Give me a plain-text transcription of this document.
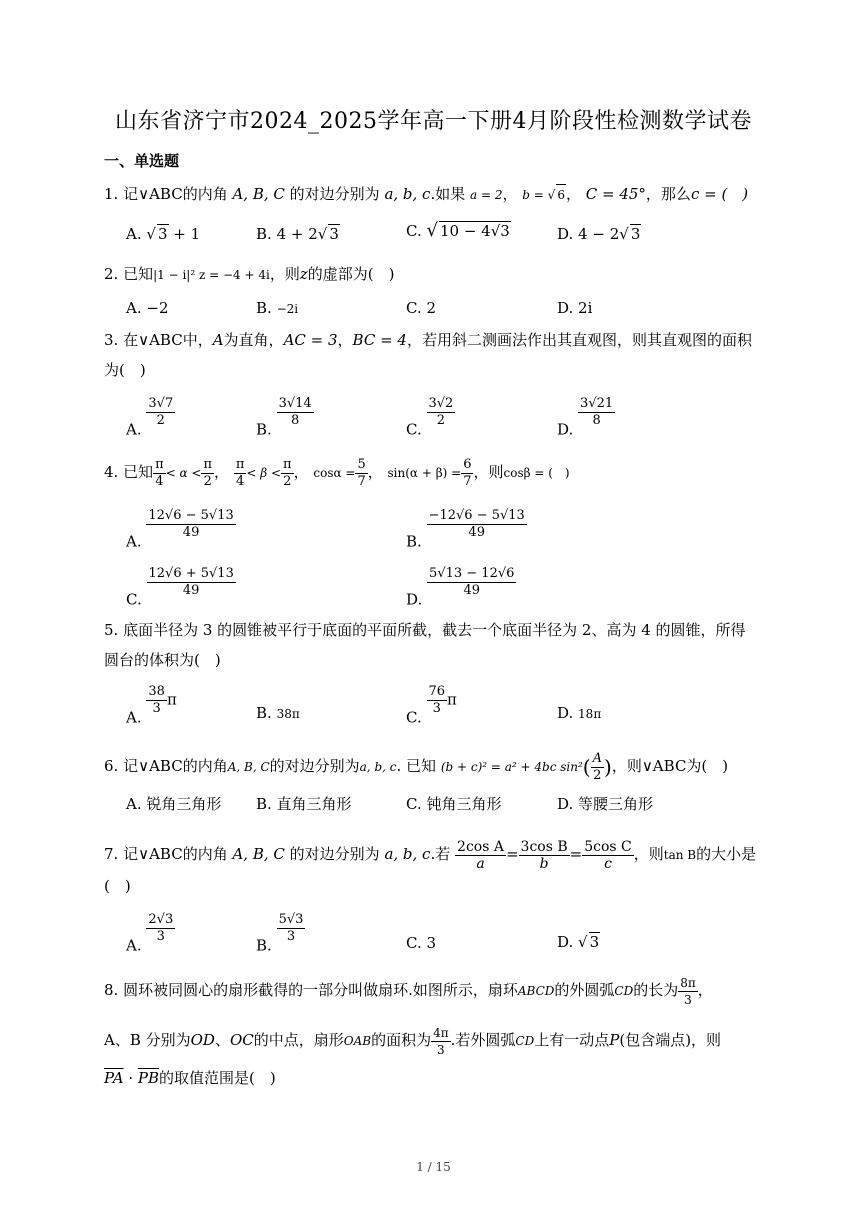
山东省济宁市2024_2025学年高一下册4月阶段性检测数学试卷
一、单选题
1. 记∨ABC的内角 A, B, C 的对边分别为 a, b, c.如果 a = 2， b = √ 6， C = 45°，那么c = (　)
A. √ 3 + 1	B. 4 + 2√ 3	C. √ 10 − 4√3	D. 4 − 2√ 3
2. 已知|1 − i|² z = −4 + 4i，则z的虚部为(　)
A. −2	B. −2i	C. 2	D. 2i
3. 在∨ABC中，A为直角，AC = 3，BC = 4，若用斜二测画法作出其直观图，则其直观图的面积
为(　)
A.
$\frac{3√7}{2}$
B.
$\frac{3√14}{8}$
C.
$\frac{3√2}{2}$
D.
$\frac{3√21}{8}$
4. 已知 $\frac{\pi}{4} < \alpha < \frac{\pi}{2}$ ， $\frac{\pi}{4} < \beta < \frac{\pi}{2}$ ， $\cos\alpha = \frac{5}{7}$ ， $\sin(\alpha + \beta) = \frac{6}{7}$ ，则cosβ = (　)
A.
$\frac{12√6 - 5√13}{49}$
B.
$\frac{-12√6 - 5√13}{49}$
C.
$\frac{12√6 + 5√13}{49}$
D.
$\frac{5√13 - 12√6}{49}$
5. 底面半径为 3 的圆锥被平行于底面的平面所截，截去一个底面半径为 2、高为 4 的圆锥，所得
圆台的体积为(　)
A.
$\frac{38}{3}$ π
B. 38π	C.
$\frac{76}{3}$ π
D. 18π
6. 记∨ABC的内角A, B, C的对边分别为a, b, c. 已知 (b + c)² = a² + 4bc $\sin^2( \frac{A}{2}$ )，则∨ABC为(　)
A. 锐角三角形 B. 直角三角形	C. 钝角三角形	D. 等腰三角形
7. 记∨ABC的内角 A, B, C 的对边分别为 a, b, c.若 $\frac{\text{2cos A}}{a} = \frac{\text{3cos B}}{b} = \frac{\text{5cos C}}{c}$ ，则tan B的大小是
(　)
A.
$\frac{2√3}{3}$
B.
$\frac{5√3}{3}$	C. 3	D. √ 3
8. 圆环被同圆心的扇形截得的一部分叫做扇环.如图所示，扇环ABCD的外圆弧CD的长为 $\frac{8\pi}{3}$ ，
A、B 分别为OD、OC的中点，扇形OAB的面积为 $\frac{4\pi}{3}$ .若外圆弧CD上有一动点P(包含端点)，则
$\overline{PA} \cdot \overline{PB}$的取值范围是(　)
1 / 15
